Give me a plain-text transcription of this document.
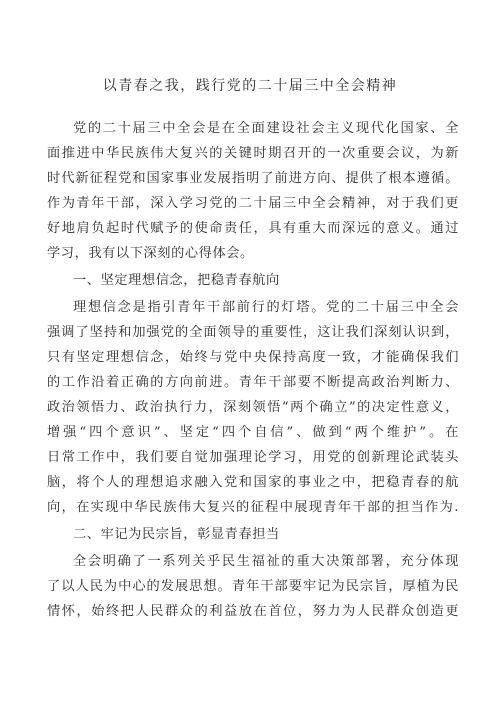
以青春之我，践行党的二十届三中全会精神
党的二十届三中全会是在全面建设社会主义现代化国家、全
面推进中华民族伟大复兴的关键时期召开的一次重要会议，为新
时代新征程党和国家事业发展指明了前进方向、提供了根本遵循。
作为青年干部，深入学习党的二十届三中全会精神，对于我们更
好地肩负起时代赋予的使命责任，具有重大而深远的意义。通过
学习，我有以下深刻的心得体会。
一、坚定理想信念，把稳青春航向
理想信念是指引青年干部前行的灯塔。党的二十届三中全会
强调了坚持和加强党的全面领导的重要性，这让我们深刻认识到，
只有坚定理想信念，始终与党中央保持高度一致，才能确保我们
的工作沿着正确的方向前进。青年干部要不断提高政治判断力、
政治领悟力、政治执行力，深刻领悟“两个确立”的决定性意义，
增强“四个意识”、坚定“四个自信”、做到“两个维护”。在
日常工作中，我们要自觉加强理论学习，用党的创新理论武装头
脑，将个人的理想追求融入党和国家的事业之中，把稳青春的航
向，在实现中华民族伟大复兴的征程中展现青年干部的担当作为.
二、牢记为民宗旨，彰显青春担当
全会明确了一系列关乎民生福祉的重大决策部署，充分体现
了以人民为中心的发展思想。青年干部要牢记为民宗旨，厚植为民
情怀，始终把人民群众的利益放在首位，努力为人民群众创造更
